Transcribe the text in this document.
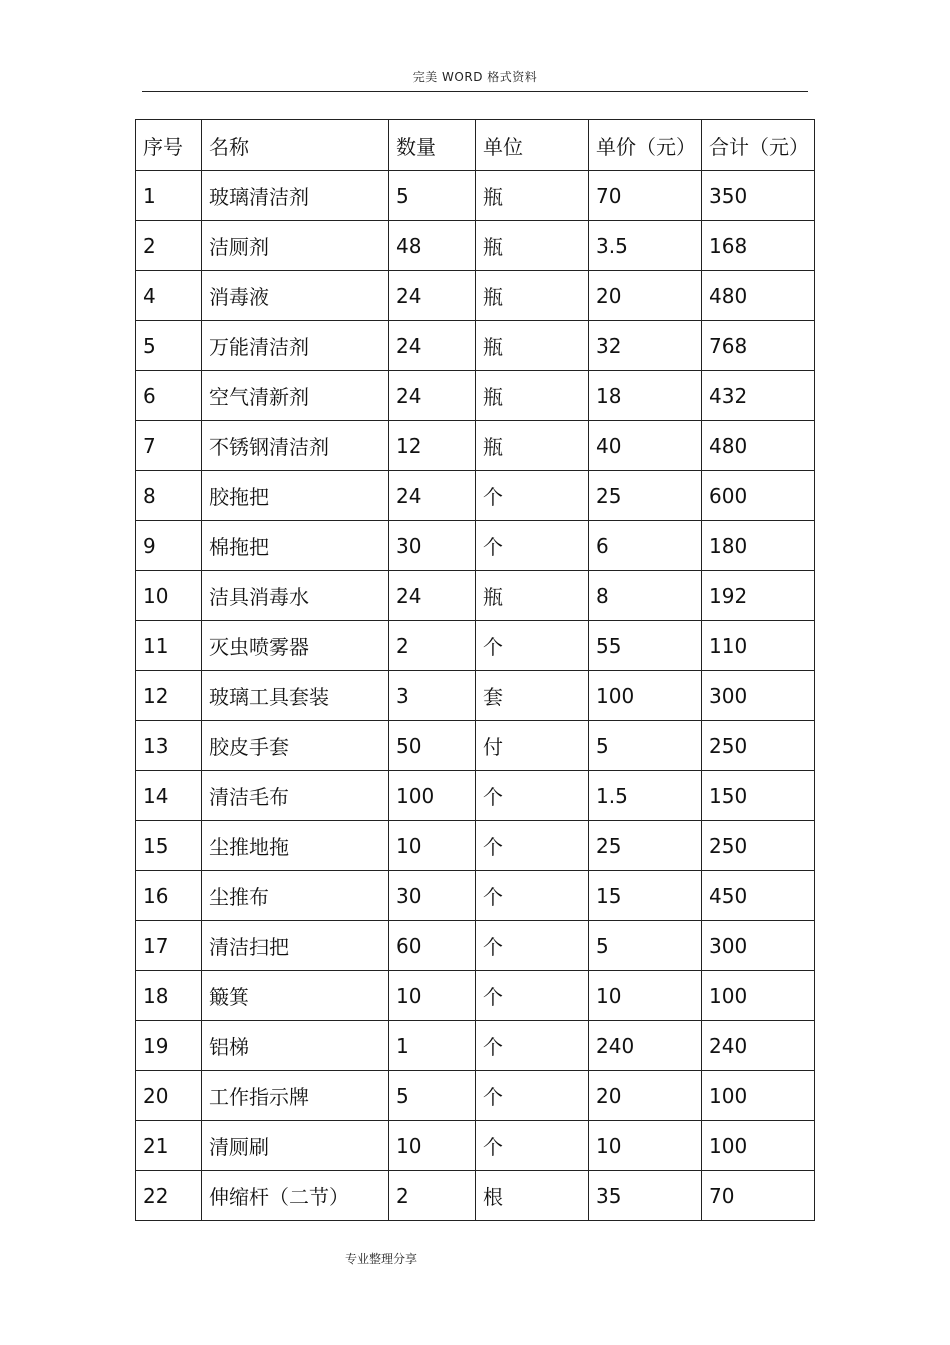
完美 WORD 格式资料
序号	名称	数量	单位	单价（元）	合计（元）
1	玻璃清洁剂	5	瓶	70	350
2	洁厕剂	48	瓶	3.5	168
4	消毒液	24	瓶	20	480
5	万能清洁剂	24	瓶	32	768
6	空气清新剂	24	瓶	18	432
7	不锈钢清洁剂	12	瓶	40	480
8	胶拖把	24	个	25	600
9	棉拖把	30	个	6	180
10	洁具消毒水	24	瓶	8	192
11	灭虫喷雾器	2	个	55	110
12	玻璃工具套装	3	套	100	300
13	胶皮手套	50	付	5	250
14	清洁毛布	100	个	1.5	150
15	尘推地拖	10	个	25	250
16	尘推布	30	个	15	450
17	清洁扫把	60	个	5	300
18	簸箕	10	个	10	100
19	铝梯	1	个	240	240
20	工作指示牌	5	个	20	100
21	清厕刷	10	个	10	100
22	伸缩杆（二节）	2	根	35	70
专业整理分享
